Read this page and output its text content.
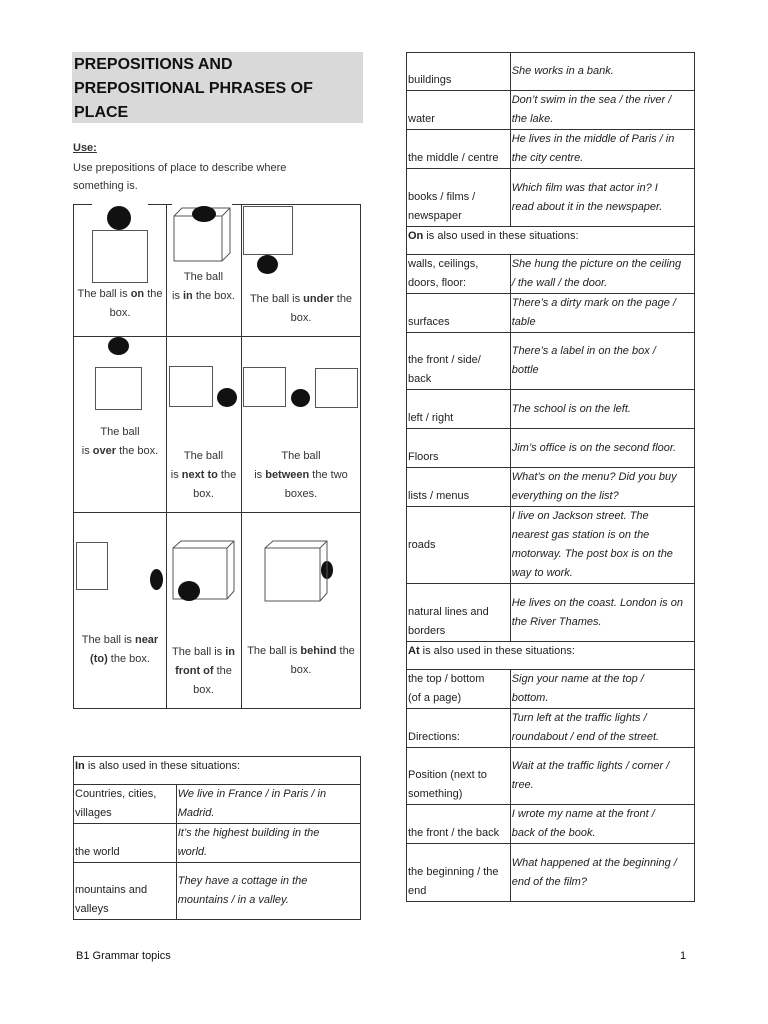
PREPOSITIONS AND
PREPOSITIONAL PHRASES OF
PLACE
Use:
Use prepositions of place to describe where
something is.
The ball is on the
box.
The ball
is in the box.	The ball is under the
box.
The ball
is over the box.	The ball
is next to the
box.
The ball
is between the two
boxes.
The ball is near
(to) the box.
The ball is in
front of the
box.
The ball is behind the
box.
In is also used in these situations:	
Countries, cities,
villages	We live in France / in Paris / in
Madrid.
the world	It’s the highest building in the
world.
mountains and
valleys	They have a cottage in the
mountains / in a valley.
buildings	She works in a bank.
water	Don’t swim in the sea / the river /
the lake.
the middle / centre	He lives in the middle of Paris / in
the city centre.
books / films /
newspaper	Which film was that actor in? I
read about it in the newspaper.
On is also used in these situations:	
walls, ceilings,
doors, floor:	She hung the picture on the ceiling
/ the wall / the door.
surfaces	There’s a dirty mark on the page /
table
the front / side/
back	There’s a label in on the box /
bottle
left / right	The school is on the left.
Floors	Jim’s office is on the second floor.
lists / menus	What’s on the menu? Did you buy
everything on the list?
roads	I live on Jackson street. The
nearest gas station is on the
motorway. The post box is on the
way to work.
natural lines and
borders	He lives on the coast. London is on
the River Thames.
At is also used in these situations:	
the top / bottom
(of a page)	Sign your name at the top /
bottom.
Directions:	Turn left at the traffic lights /
roundabout / end of the street.
Position (next to
something)	Wait at the traffic lights / corner /
tree.
the front / the back	I wrote my name at the front /
back of the book.
the beginning / the
end	What happened at the beginning /
end of the film?
B1 Grammar topics	1
